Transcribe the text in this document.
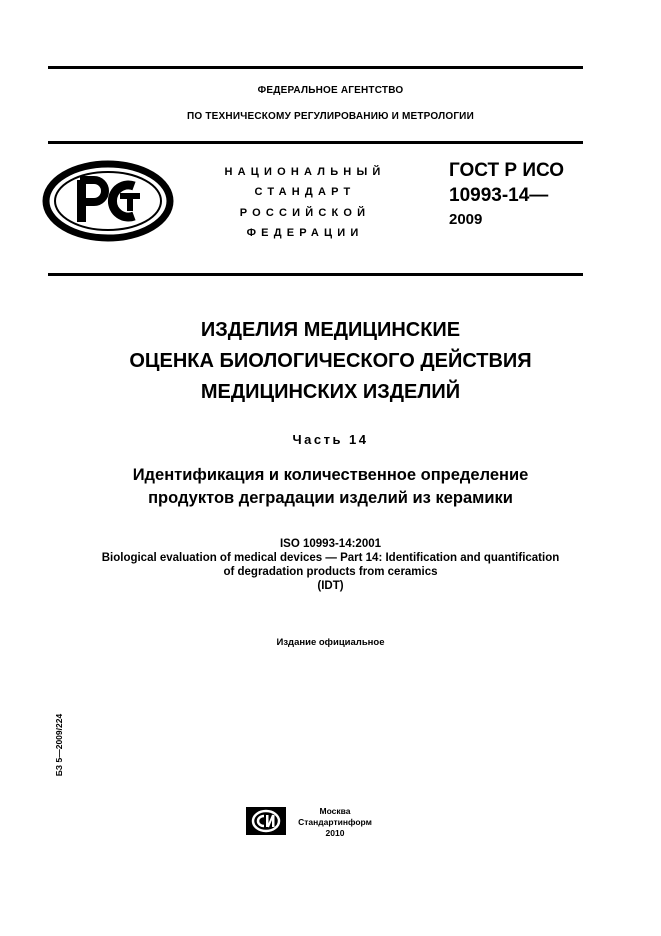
ФЕДЕРАЛЬНОЕ АГЕНТСТВО
ПО ТЕХНИЧЕСКОМУ РЕГУЛИРОВАНИЮ И МЕТРОЛОГИИ
НАЦИОНАЛЬНЫЙ
СТАНДАРТ
РОССИЙСКОЙ
ФЕДЕРАЦИИ
ГОСТ Р ИСО
10993-14—
2009
ИЗДЕЛИЯ МЕДИЦИНСКИЕ
ОЦЕНКА БИОЛОГИЧЕСКОГО ДЕЙСТВИЯ
МЕДИЦИНСКИХ ИЗДЕЛИЙ
Часть 14
Идентификация и количественное определение
продуктов деградации изделий из керамики
ISO 10993-14:2001
Biological evaluation of medical devices — Part 14: Identification and quantification
of degradation products from ceramics
(IDT)
Издание официальное
БЗ 5—2009/224
Москва
Стандартинформ
2010
